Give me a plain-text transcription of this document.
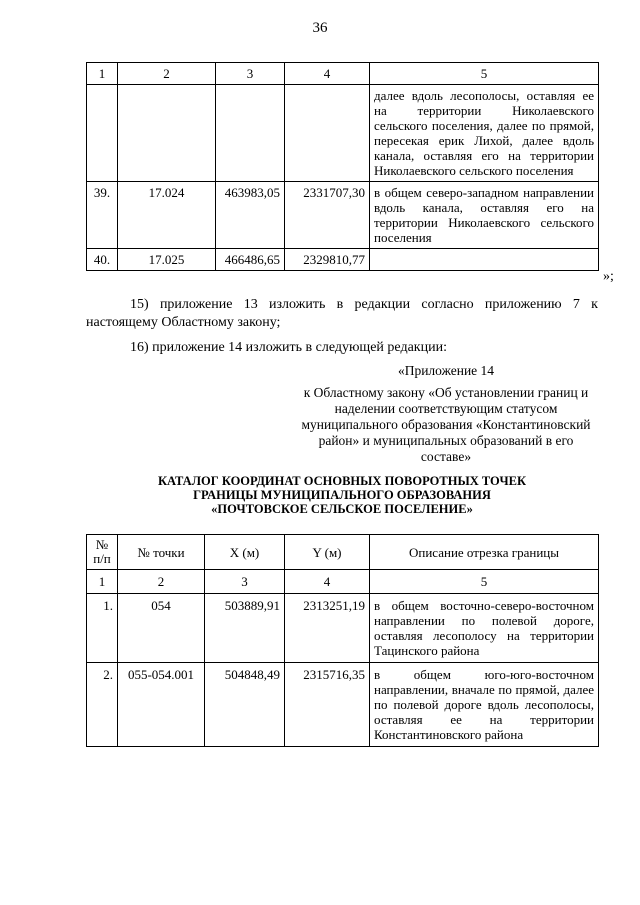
36
1	2	3	4	5
				далее вдоль лесополосы, оставляя ее на территории Николаевского сельского поселения, далее по прямой, пересекая ерик Лихой, далее вдоль канала, оставляя его на территории Николаевского сельского поселения
39.	17.024	463983,05	2331707,30	в общем северо-западном направлении вдоль канала, оставляя его на территории Николаевского сельского поселения
40.	17.025	466486,65	2329810,77	
»;
15) приложение 13 изложить в редакции согласно приложению 7 к настоящему Областному закону;
16) приложение 14 изложить в следующей редакции:
«Приложение 14
к Областному закону «Об установлении границ и наделении соответствующим статусом муниципального образования «Константиновский район» и муниципальных образований в его составе»
КАТАЛОГ КООРДИНАТ ОСНОВНЫХ ПОВОРОТНЫХ ТОЧЕК
ГРАНИЦЫ МУНИЦИПАЛЬНОГО ОБРАЗОВАНИЯ
«ПОЧТОВСКОЕ СЕЛЬСКОЕ ПОСЕЛЕНИЕ»
№ п/п	№ точки	X (м)	Y (м)	Описание отрезка границы
1	2	3	4	5
1.	054	503889,91	2313251,19	в общем восточно-северо-восточном направлении по полевой дороге, оставляя лесополосу на территории Тацинского района
2.	055-054.001	504848,49	2315716,35	в общем юго-юго-восточном направлении, вначале по прямой, далее по полевой дороге вдоль лесополосы, оставляя ее на территории Константиновского района
